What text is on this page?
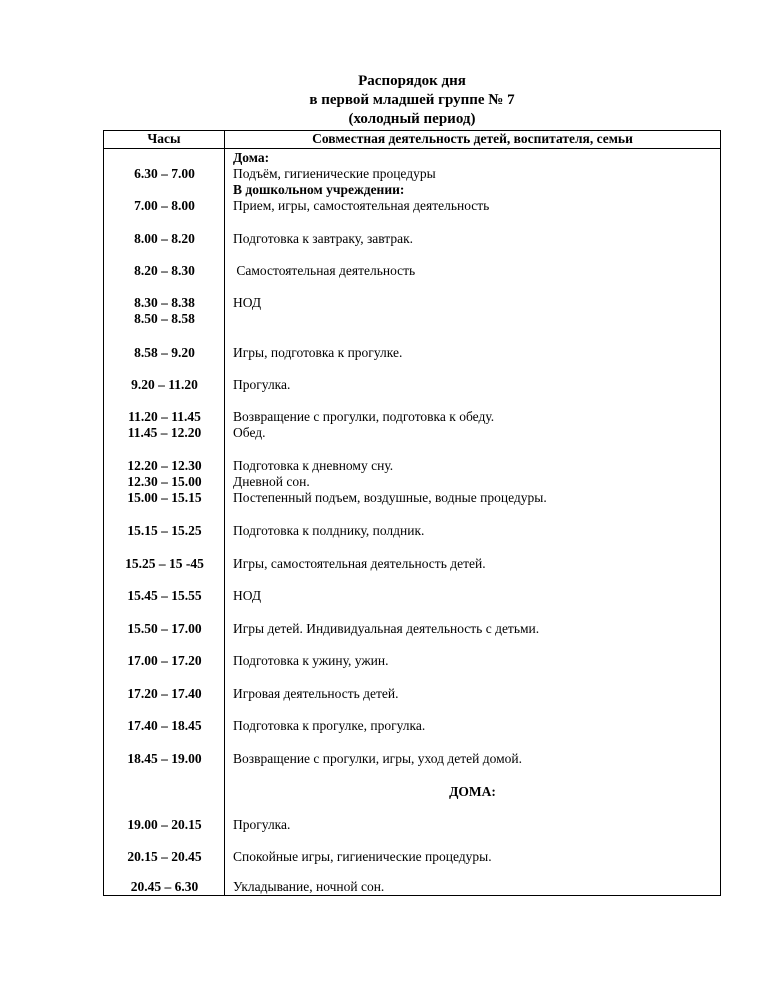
Распорядок дня
в первой младшей группе № 7
(холодный период)
Часы	Совместная деятельность детей, воспитателя, семьи
Дома:
6.30 – 7.00	Подъём, гигиенические процедуры
В дошкольном учреждении:
7.00 – 8.00	Прием, игры, самостоятельная деятельность
8.00 – 8.20	Подготовка к завтраку, завтрак.
8.20 – 8.30	Самостоятельная деятельность
8.30 – 8.38	НОД
8.50 – 8.58
8.58 – 9.20	Игры, подготовка к прогулке.
9.20 – 11.20	Прогулка.
11.20 – 11.45	Возвращение с прогулки, подготовка к обеду.
11.45 – 12.20	Обед.
12.20 – 12.30	Подготовка к дневному сну.
12.30 – 15.00	Дневной сон.
15.00 – 15.15	Постепенный подъем, воздушные, водные процедуры.
15.15 – 15.25	Подготовка к полднику, полдник.
15.25 – 15 -45	Игры, самостоятельная деятельность детей.
15.45 – 15.55	НОД
15.50 – 17.00	Игры детей. Индивидуальная деятельность с детьми.
17.00 – 17.20	Подготовка к ужину, ужин.
17.20 – 17.40	Игровая деятельность детей.
17.40 – 18.45	Подготовка к прогулке, прогулка.
18.45 – 19.00	Возвращение с прогулки, игры, уход детей домой.
ДОМА:
19.00 – 20.15	Прогулка.
20.15 – 20.45	Спокойные игры, гигиенические процедуры.
20.45 – 6.30	Укладывание, ночной сон.
